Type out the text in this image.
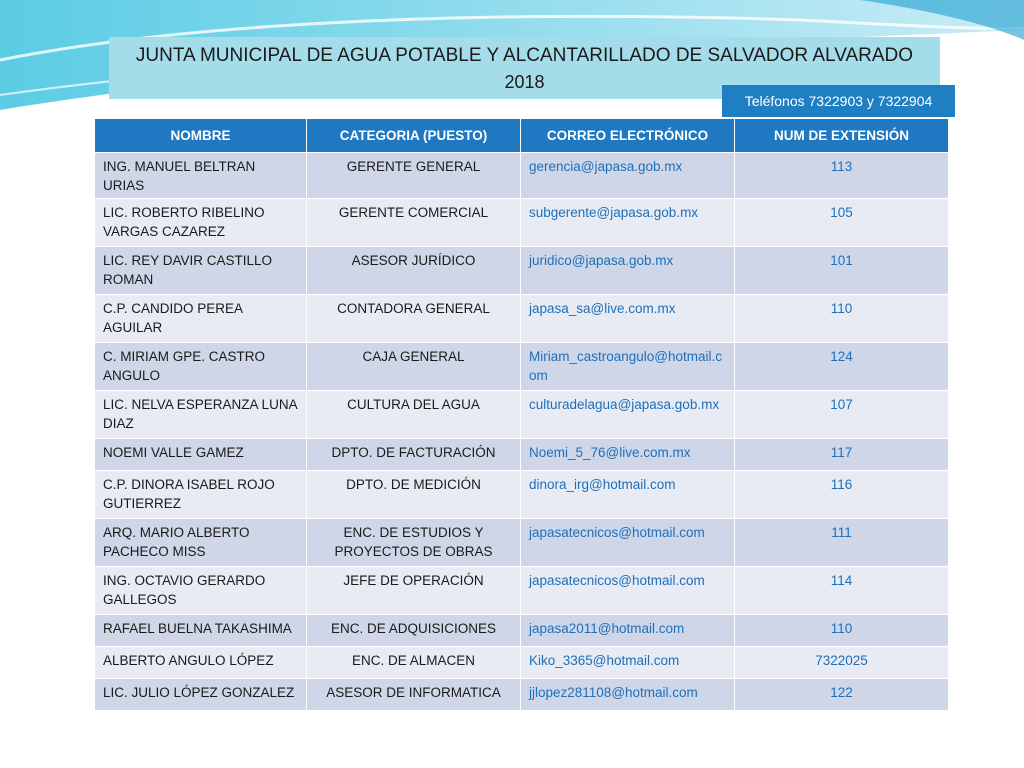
JUNTA MUNICIPAL DE AGUA POTABLE Y ALCANTARILLADO DE SALVADOR ALVARADO
2018
Teléfonos 7322903 y 7322904
NOMBRE	CATEGORIA (PUESTO)	CORREO ELECTRÓNICO	NUM DE EXTENSIÓN
ING. MANUEL BELTRAN URIAS	GERENTE GENERAL	gerencia@japasa.gob.mx	113
LIC. ROBERTO RIBELINO VARGAS CAZAREZ	GERENTE COMERCIAL	subgerente@japasa.gob.mx	105
LIC. REY DAVIR CASTILLO ROMAN	ASESOR JURÍDICO	juridico@japasa.gob.mx	101
C.P. CANDIDO PEREA AGUILAR	CONTADORA GENERAL	japasa_sa@live.com.mx	110
C. MIRIAM GPE. CASTRO ANGULO	CAJA GENERAL	Miriam_castroangulo@hotmail.com	124
LIC. NELVA ESPERANZA LUNA DIAZ	CULTURA DEL AGUA	culturadelagua@japasa.gob.mx	107
NOEMI VALLE GAMEZ	DPTO. DE FACTURACIÓN	Noemi_5_76@live.com.mx	117
C.P. DINORA ISABEL ROJO GUTIERREZ	DPTO. DE MEDICIÓN	dinora_irg@hotmail.com	116
ARQ. MARIO ALBERTO PACHECO MISS	ENC. DE ESTUDIOS Y PROYECTOS DE OBRAS	japasatecnicos@hotmail.com	111
ING. OCTAVIO GERARDO GALLEGOS	JEFE DE OPERACIÓN	japasatecnicos@hotmail.com	114
RAFAEL BUELNA TAKASHIMA	ENC. DE ADQUISICIONES	japasa2011@hotmail.com	110
ALBERTO ANGULO LÓPEZ	ENC. DE ALMACEN	Kiko_3365@hotmail.com	7322025
LIC. JULIO LÓPEZ GONZALEZ	ASESOR DE INFORMATICA	jjlopez281108@hotmail.com	122
